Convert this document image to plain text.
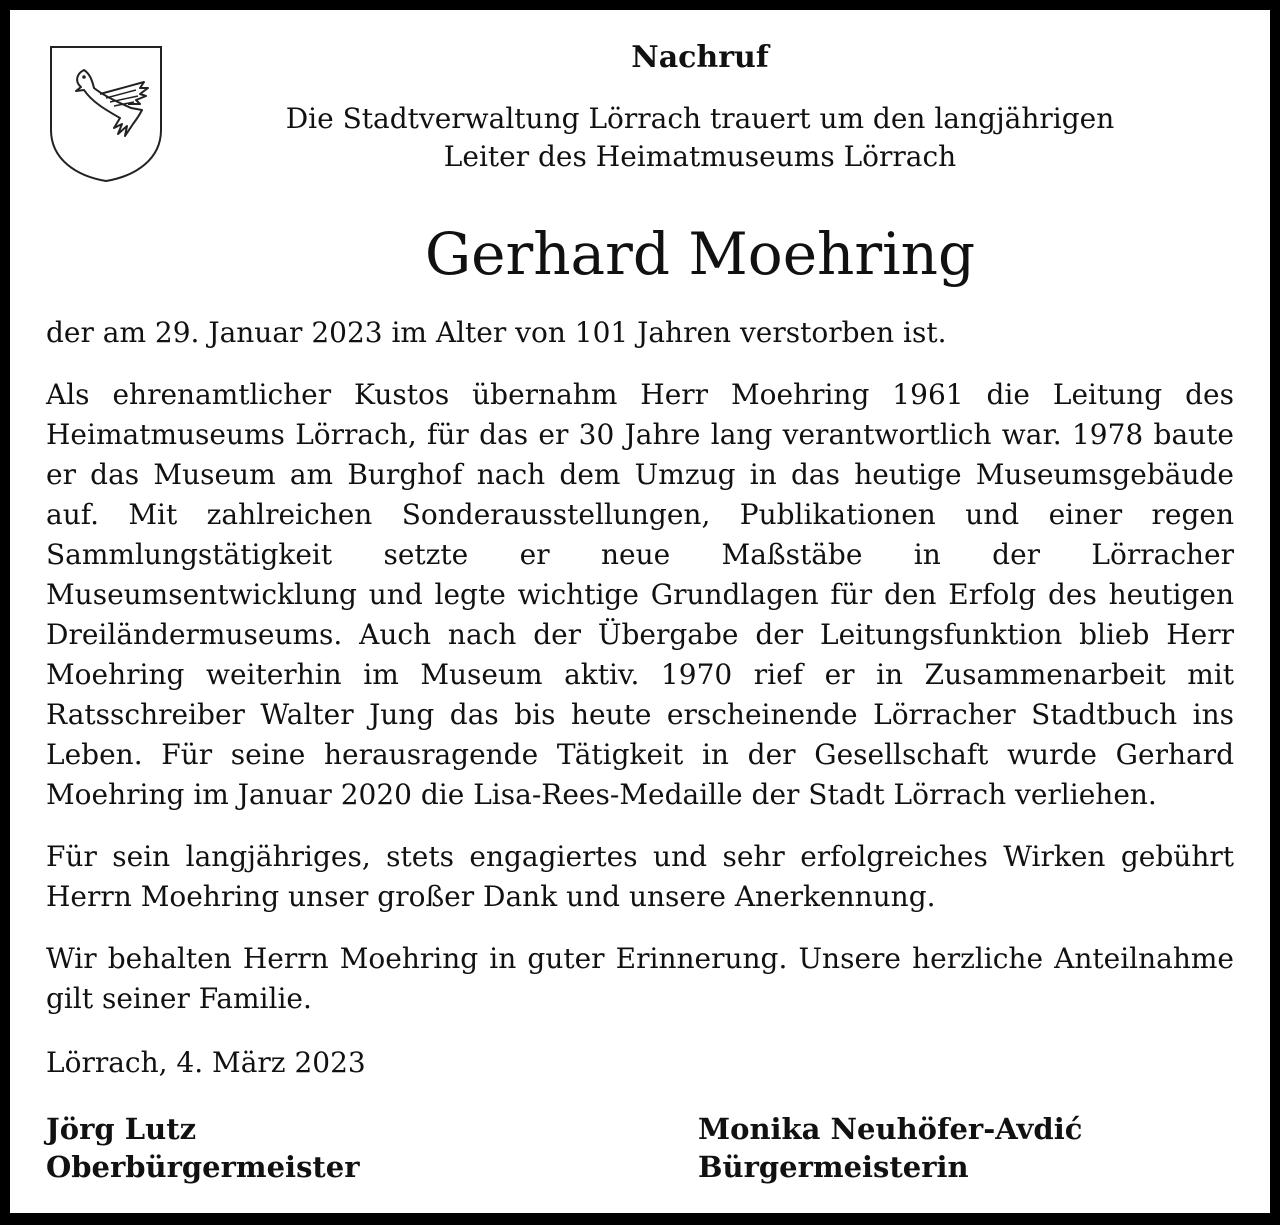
Nachruf

Die Stadtverwaltung Lörrach trauert um den langjährigen
Leiter des Heimatmuseums Lörrach

Gerhard Moehring

der am 29. Januar 2023 im Alter von 101 Jahren verstorben ist.

Als ehrenamtlicher Kustos übernahm Herr Moehring 1961 die Leitung des Heimatmuseums Lörrach, für das er 30 Jahre lang verantwortlich war. 1978 baute er das Museum am Burghof nach dem Umzug in das heutige Museumsgebäude auf. Mit zahlreichen Sonderausstellungen, Publikationen und einer regen Sammlungstätigkeit setzte er neue Maßstäbe in der Lörracher Museumsentwicklung und legte wichtige Grundlagen für den Erfolg des heutigen Dreiländermuseums. Auch nach der Übergabe der Leitungsfunktion blieb Herr Moehring weiterhin im Museum aktiv. 1970 rief er in Zusammenarbeit mit Ratsschreiber Walter Jung das bis heute erscheinende Lörracher Stadtbuch ins Leben. Für seine herausragende Tätigkeit in der Gesellschaft wurde Gerhard Moehring im Januar 2020 die Lisa-Rees-Medaille der Stadt Lörrach verliehen.

Für sein langjähriges, stets engagiertes und sehr erfolgreiches Wirken gebührt Herrn Moehring unser großer Dank und unsere Anerkennung.

Wir behalten Herrn Moehring in guter Erinnerung. Unsere herzliche Anteilnahme gilt seiner Familie.

Lörrach, 4. März 2023

Jörg Lutz
Oberbürgermeister
Monika Neuhöfer-Avdić
Bürgermeisterin
